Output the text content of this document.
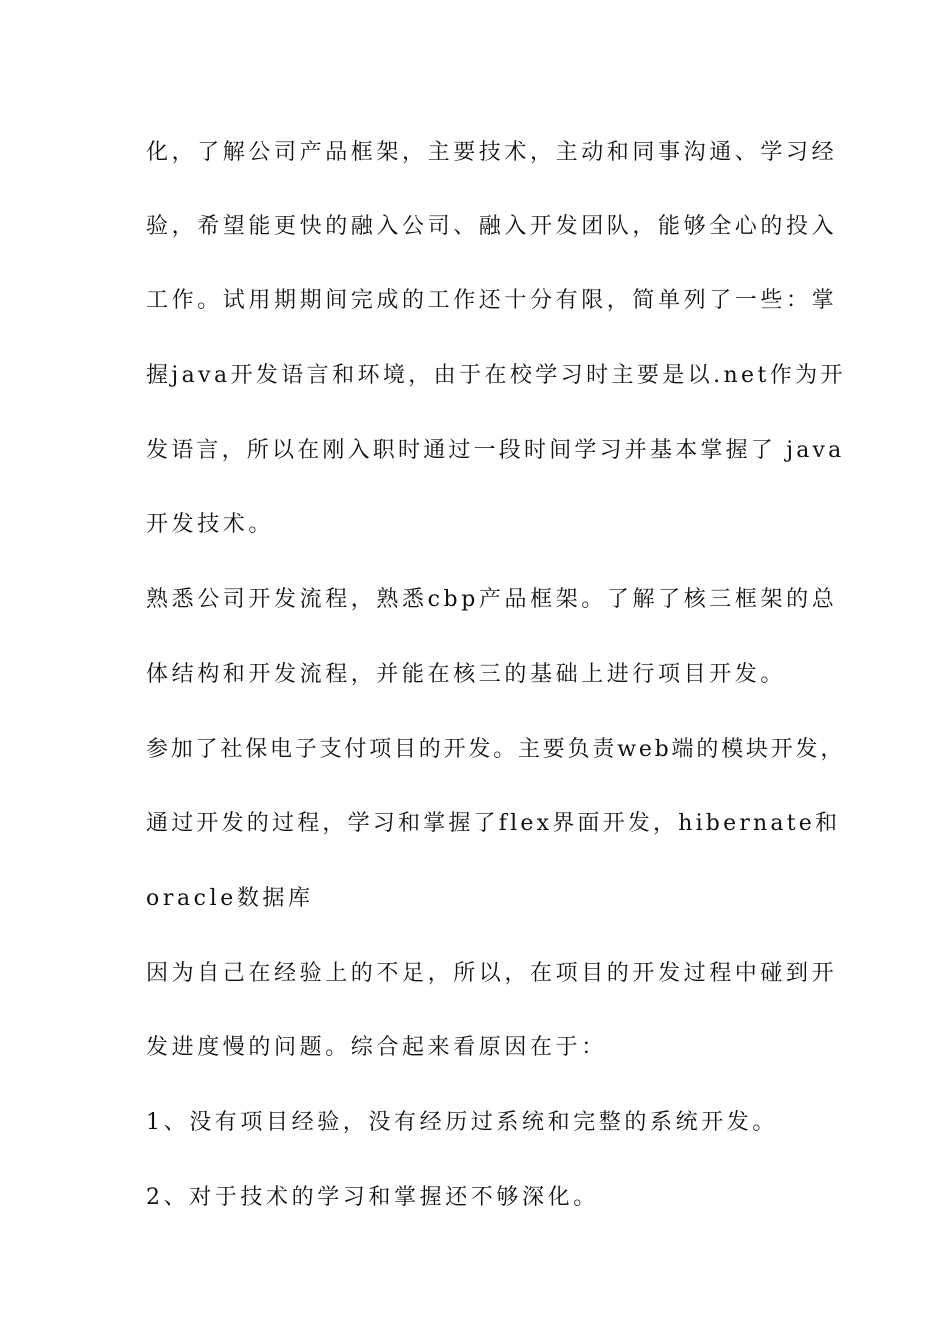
化，了解公司产品框架，主要技术，主动和同事沟通、学习经
验，希望能更快的融入公司、融入开发团队，能够全心的投入
工作。试用期期间完成的工作还十分有限，简单列了一些：掌
握java开发语言和环境，由于在校学习时主要是以.net作为开
发语言，所以在刚入职时通过一段时间学习并基本掌握了 java
开发技术。
熟悉公司开发流程，熟悉cbp产品框架。了解了核三框架的总
体结构和开发流程，并能在核三的基础上进行项目开发。
参加了社保电子支付项目的开发。主要负责web端的模块开发，
通过开发的过程，学习和掌握了flex界面开发，hibernate和
oracle数据库
因为自己在经验上的不足，所以，在项目的开发过程中碰到开
发进度慢的问题。综合起来看原因在于：
1、没有项目经验，没有经历过系统和完整的系统开发。
2、对于技术的学习和掌握还不够深化。
